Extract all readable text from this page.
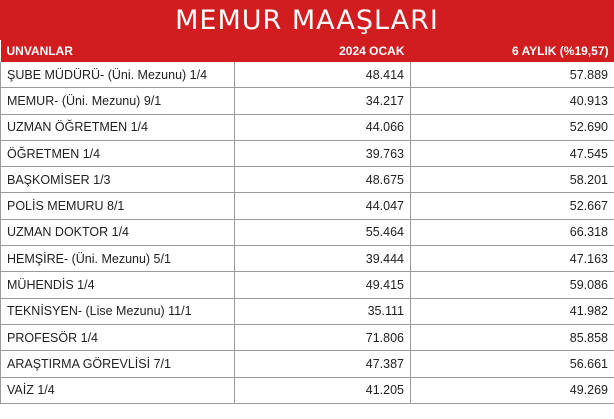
MEMUR MAAŞLARI
UNVANLAR	2024 OCAK	6 AYLIK (%19,57)
ŞUBE MÜDÜRÜ- (Üni. Mezunu) 1/4	48.414	57.889
MEMUR- (Üni. Mezunu) 9/1	34.217	40.913
UZMAN ÖĞRETMEN 1/4	44.066	52.690
ÖĞRETMEN 1/4	39.763	47.545
BAŞKOMİSER 1/3	48.675	58.201
POLİS MEMURU 8/1	44.047	52.667
UZMAN DOKTOR 1/4	55.464	66.318
HEMŞİRE- (Üni. Mezunu) 5/1	39.444	47.163
MÜHENDİS 1/4	49.415	59.086
TEKNİSYEN- (Lise Mezunu) 11/1	35.111	41.982
PROFESÖR 1/4	71.806	85.858
ARAŞTIRMA GÖREVLİSİ 7/1	47.387	56.661
VAİZ 1/4	41.205	49.269
